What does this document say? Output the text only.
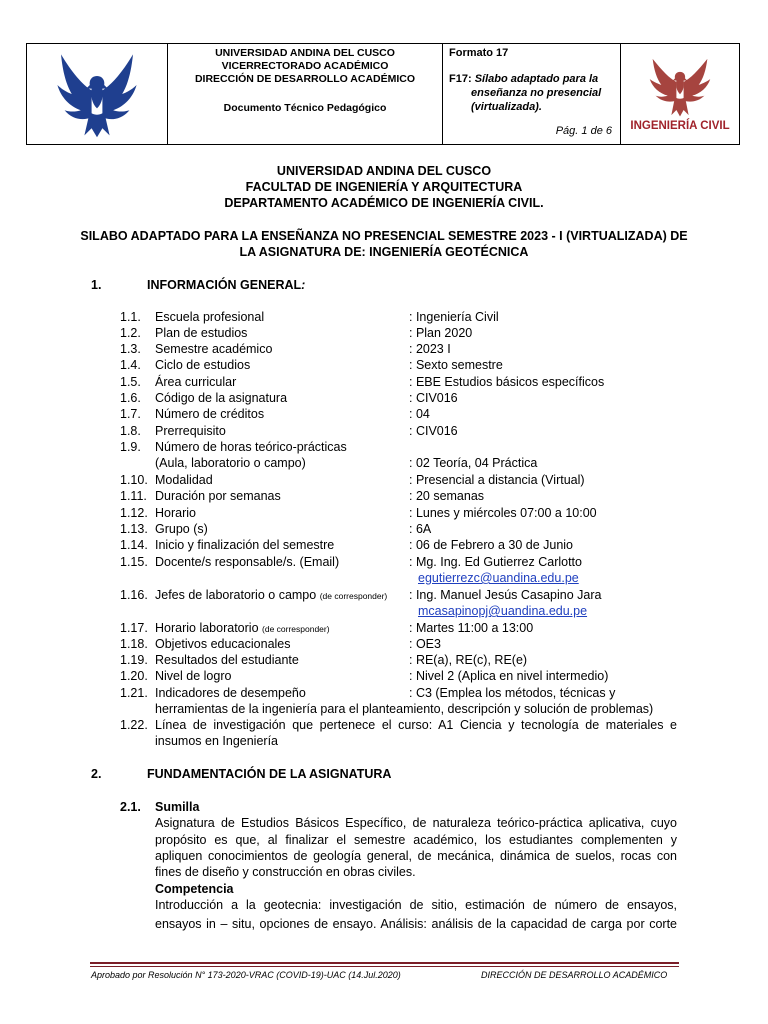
UNIVERSIDAD ANDINA DEL CUSCO
VICERRECTORADO ACADÉMICO
DIRECCIÓN DE DESARROLLO ACADÉMICO
Documento Técnico Pedagógico
Formato 17
F17: Sílabo adaptado para la
enseñanza no presencial
(virtualizada).
Pág. 1 de 6 INGENIERÍA CIVIL
UNIVERSIDAD ANDINA DEL CUSCO
FACULTAD DE INGENIERÍA Y ARQUITECTURA
DEPARTAMENTO ACADÉMICO DE INGENIERÍA CIVIL.
SILABO ADAPTADO PARA LA ENSEÑANZA NO PRESENCIAL SEMESTRE 2023 - I (VIRTUALIZADA) DE
LA ASIGNATURA DE: INGENIERÍA GEOTÉCNICA
1.	INFORMACIÓN GENERAL:
1.1. Escuela profesional	: Ingeniería Civil
1.2. Plan de estudios	: Plan 2020
1.3. Semestre académico	: 2023 I
1.4. Ciclo de estudios	: Sexto semestre
1.5. Área curricular	: EBE Estudios básicos específicos
1.6. Código de la asignatura	: CIV016
1.7. Número de créditos	: 04
1.8. Prerrequisito	: CIV016
1.9. Número de horas teórico-prácticas
(Aula, laboratorio o campo)	: 02 Teoría, 04 Práctica
1.10. Modalidad	: Presencial a distancia (Virtual)
1.11. Duración por semanas	: 20 semanas
1.12. Horario	: Lunes y miércoles 07:00 a 10:00
1.13. Grupo (s)	: 6A
1.14. Inicio y finalización del semestre	: 06 de Febrero a 30 de Junio
1.15. Docente/s responsable/s. (Email)	: Mg. Ing. Ed Gutierrez Carlotto
egutierrezc@uandina.edu.pe
1.16. Jefes de laboratorio o campo (de corresponder) : Ing. Manuel Jesús Casapino Jara
mcasapinopj@uandina.edu.pe
1.17. Horario laboratorio (de corresponder)	: Martes 11:00 a 13:00
1.18. Objetivos educacionales	: OE3
1.19. Resultados del estudiante	: RE(a), RE(c), RE(e)
1.20. Nivel de logro	: Nivel 2 (Aplica en nivel intermedio)
1.21. Indicadores de desempeño	: C3 (Emplea los métodos, técnicas y
herramientas de la ingeniería para el planteamiento, descripción y solución de problemas)
1.22. Línea de investigación que pertenece el curso: A1 Ciencia y tecnología de materiales e
insumos en Ingeniería
2.	FUNDAMENTACIÓN DE LA ASIGNATURA
2.1. Sumilla
Asignatura de Estudios Básicos Específico, de naturaleza teórico-práctica aplicativa, cuyo
propósito es que, al finalizar el semestre académico, los estudiantes complementen y
apliquen conocimientos de geología general, de mecánica, dinámica de suelos, rocas con
fines de diseño y construcción en obras civiles.
Competencia
Introducción a la geotecnia: investigación de sitio, estimación de número de ensayos,
ensayos in – situ, opciones de ensayo. Análisis: análisis de la capacidad de carga por corte
Aprobado por Resolución N° 173-2020-VRAC (COVID-19)-UAC (14.Jul.2020)	DIRECCIÓN DE DESARROLLO ACADÉMICO
